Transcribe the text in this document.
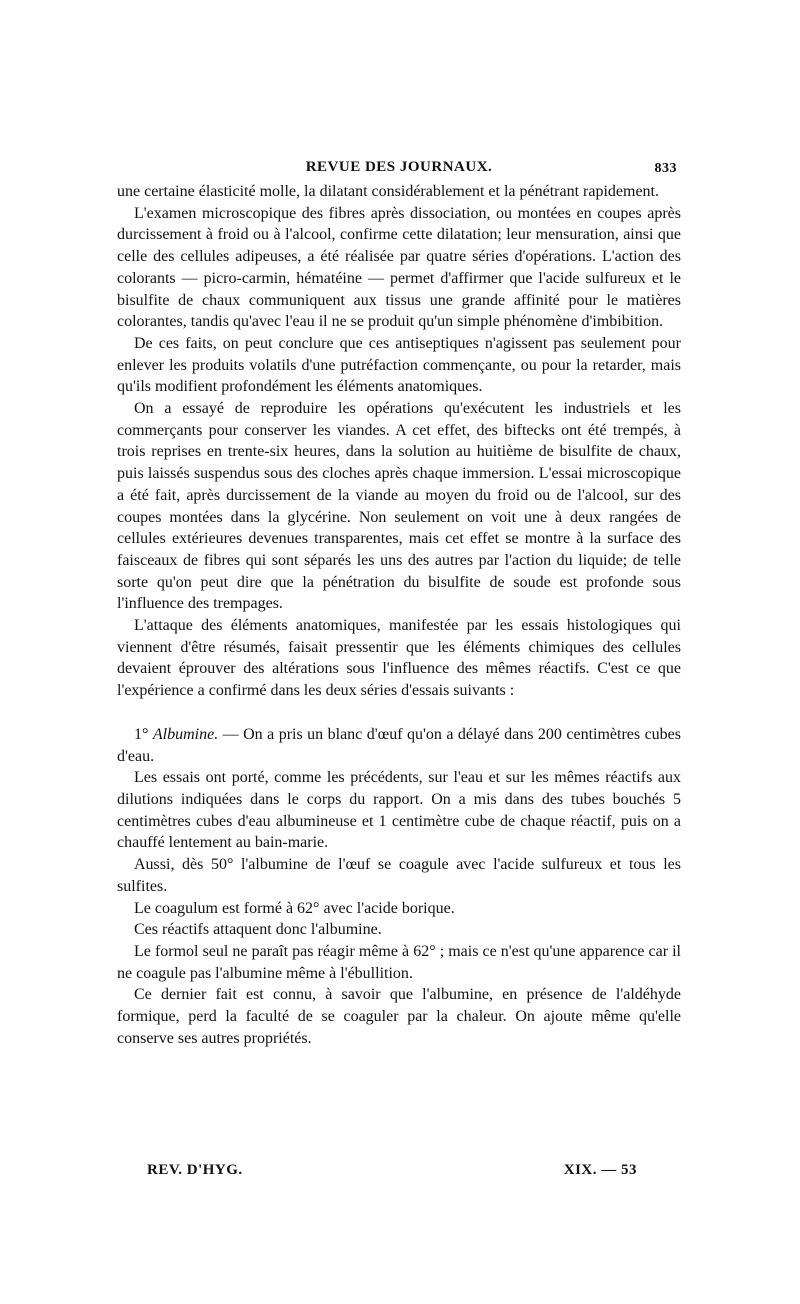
REVUE DES JOURNAUX.	833

une certaine élasticité molle, la dilatant considérablement et la pénétrant rapidement.

L'examen microscopique des fibres après dissociation, ou montées en coupes après durcissement à froid ou à l'alcool, confirme cette dilatation; leur mensuration, ainsi que celle des cellules adipeuses, a été réalisée par quatre séries d'opérations. L'action des colorants — picro-carmin, hématéine — permet d'affirmer que l'acide sulfureux et le bisulfite de chaux communiquent aux tissus une grande affinité pour le matières colorantes, tandis qu'avec l'eau il ne se produit qu'un simple phénomène d'imbibition.

De ces faits, on peut conclure que ces antiseptiques n'agissent pas seulement pour enlever les produits volatils d'une putréfaction commençante, ou pour la retarder, mais qu'ils modifient profondément les éléments anatomiques.

On a essayé de reproduire les opérations qu'exécutent les industriels et les commerçants pour conserver les viandes. A cet effet, des biftecks ont été trempés, à trois reprises en trente-six heures, dans la solution au huitième de bisulfite de chaux, puis laissés suspendus sous des cloches après chaque immersion. L'essai microscopique a été fait, après durcissement de la viande au moyen du froid ou de l'alcool, sur des coupes montées dans la glycérine. Non seulement on voit une à deux rangées de cellules extérieures devenues transparentes, mais cet effet se montre à la surface des faisceaux de fibres qui sont séparés les uns des autres par l'action du liquide; de telle sorte qu'on peut dire que la pénétration du bisulfite de soude est profonde sous l'influence des trempages.

L'attaque des éléments anatomiques, manifestée par les essais histologiques qui viennent d'être résumés, faisait pressentir que les éléments chimiques des cellules devaient éprouver des altérations sous l'influence des mêmes réactifs. C'est ce que l'expérience a confirmé dans les deux séries d'essais suivants :

1° Albumine. — On a pris un blanc d'œuf qu'on a délayé dans 200 centimètres cubes d'eau.

Les essais ont porté, comme les précédents, sur l'eau et sur les mêmes réactifs aux dilutions indiquées dans le corps du rapport. On a mis dans des tubes bouchés 5 centimètres cubes d'eau albumineuse et 1 centimètre cube de chaque réactif, puis on a chauffé lentement au bain-marie.

Aussi, dès 50° l'albumine de l'œuf se coagule avec l'acide sulfureux et tous les sulfites.

Le coagulum est formé à 62° avec l'acide borique.

Ces réactifs attaquent donc l'albumine.

Le formol seul ne paraît pas réagir même à 62° ; mais ce n'est qu'une apparence car il ne coagule pas l'albumine même à l'ébullition.

Ce dernier fait est connu, à savoir que l'albumine, en présence de l'aldéhyde formique, perd la faculté de se coaguler par la chaleur. On ajoute même qu'elle conserve ses autres propriétés.

REV. D'HYG.	XIX. — 53
